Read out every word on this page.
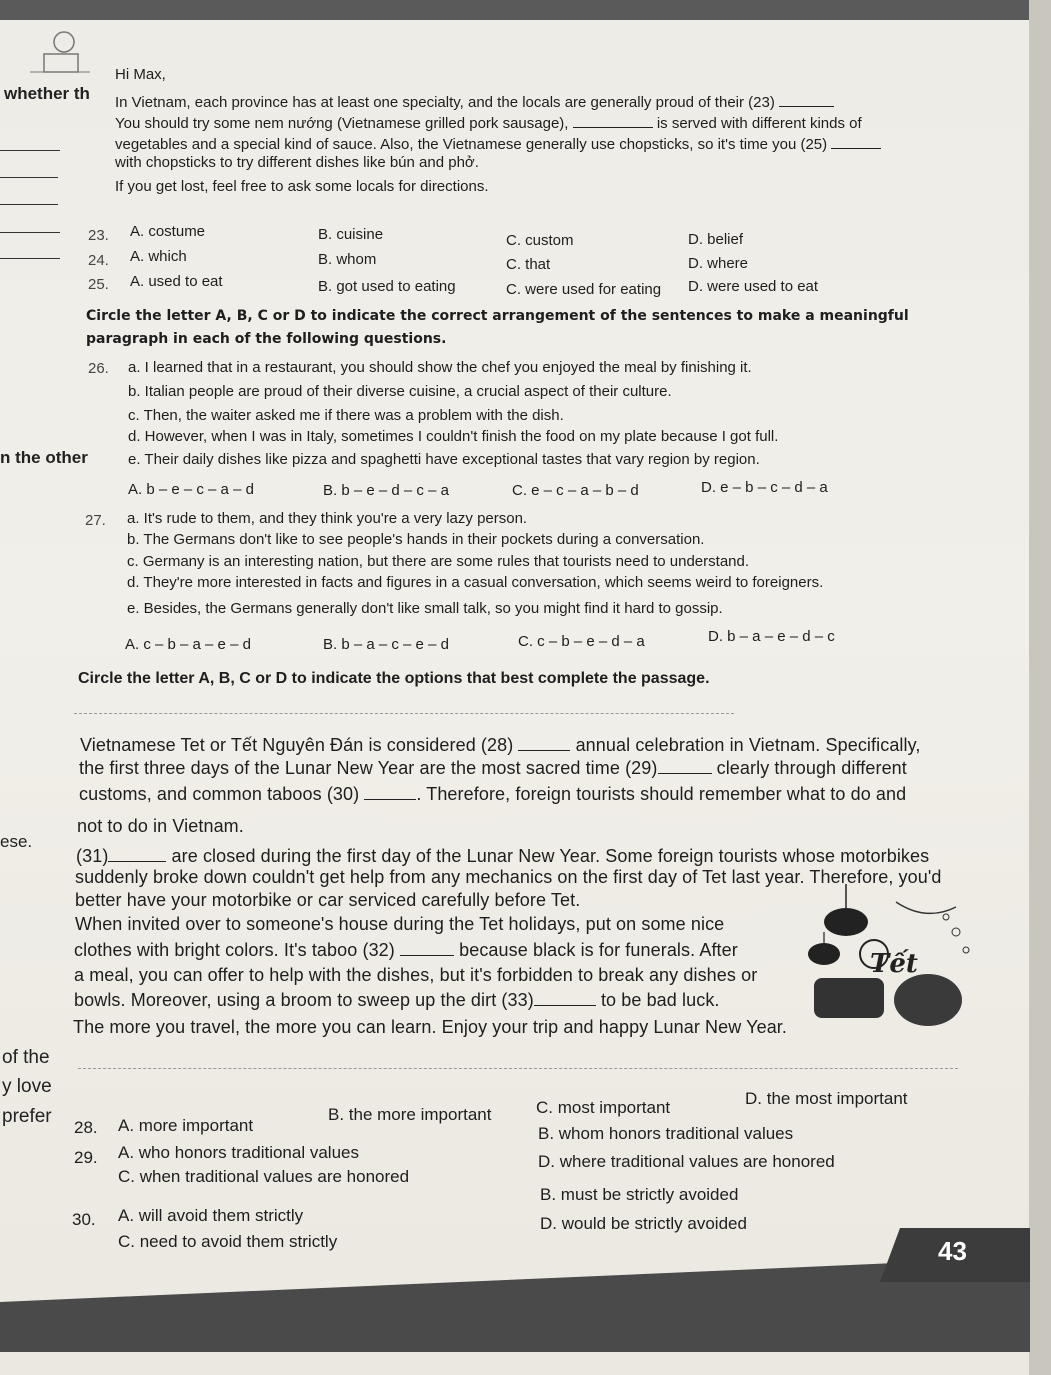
whether th
n the other
ese.
of the
y love
prefer
Hi Max,
In Vietnam, each province has at least one specialty, and the locals are generally proud of their (23)
You should try some nem nướng (Vietnamese grilled pork sausage),	is served with different kinds of
vegetables and a special kind of sauce. Also, the Vietnamese generally use chopsticks, so it's time you (25)
with chopsticks to try different dishes like bún and phở.
If you get lost, feel free to ask some locals for directions.
23. A. costume	B. cuisine	C. custom	D. belief
24. A. which	B. whom	C. that	D. where
25. A. used to eat	B. got used to eating	C. were used for eating D. were used to eat
Circle the letter A, B, C or D to indicate the correct arrangement of the sentences to make a meaningful
paragraph in each of the following questions.
26. a. I learned that in a restaurant, you should show the chef you enjoyed the meal by finishing it.
b. Italian people are proud of their diverse cuisine, a crucial aspect of their culture.
c. Then, the waiter asked me if there was a problem with the dish.
d. However, when I was in Italy, sometimes I couldn't finish the food on my plate because I got full.
e. Their daily dishes like pizza and spaghetti have exceptional tastes that vary region by region.
A. b – e – c – a – d	B. b – e – d – c – a	C. e – c – a – b – d	D. e – b – c – d – a
27. a. It's rude to them, and they think you're a very lazy person.
b. The Germans don't like to see people's hands in their pockets during a conversation.
c. Germany is an interesting nation, but there are some rules that tourists need to understand.
d. They're more interested in facts and figures in a casual conversation, which seems weird to foreigners.
e. Besides, the Germans generally don't like small talk, so you might find it hard to gossip.
A. c – b – a – e – d	B. b – a – c – e – d	C. c – b – e – d – a	D. b – a – e – d – c
Circle the letter A, B, C or D to indicate the options that best complete the passage.
Vietnamese Tet or Tết Nguyên Đán is considered (28)	annual celebration in Vietnam. Specifically,
the first three days of the Lunar New Year are the most sacred time (29)	clearly through different
customs, and common taboos (30)	. Therefore, foreign tourists should remember what to do and
not to do in Vietnam.
(31)	are closed during the first day of the Lunar New Year. Some foreign tourists whose motorbikes
suddenly broke down couldn't get help from any mechanics on the first day of Tet last year. Therefore, you'd
better have your motorbike or car serviced carefully before Tet.
When invited over to someone's house during the Tet holidays, put on some nice
clothes with bright colors. It's taboo (32)	because black is for funerals. After
a meal, you can offer to help with the dishes, but it's forbidden to break any dishes or
bowls. Moreover, using a broom to sweep up the dirt (33)	to be bad luck.
The more you travel, the more you can learn. Enjoy your trip and happy Lunar New Year.
Tết
28. A. more important
B. the more important	C. most important	D. the most important
29. A. who honors traditional values
B. whom honors traditional values
C. when traditional values are honored
D. where traditional values are honored
30. A. will avoid them strictly
B. must be strictly avoided
C. need to avoid them strictly
D. would be strictly avoided
43
